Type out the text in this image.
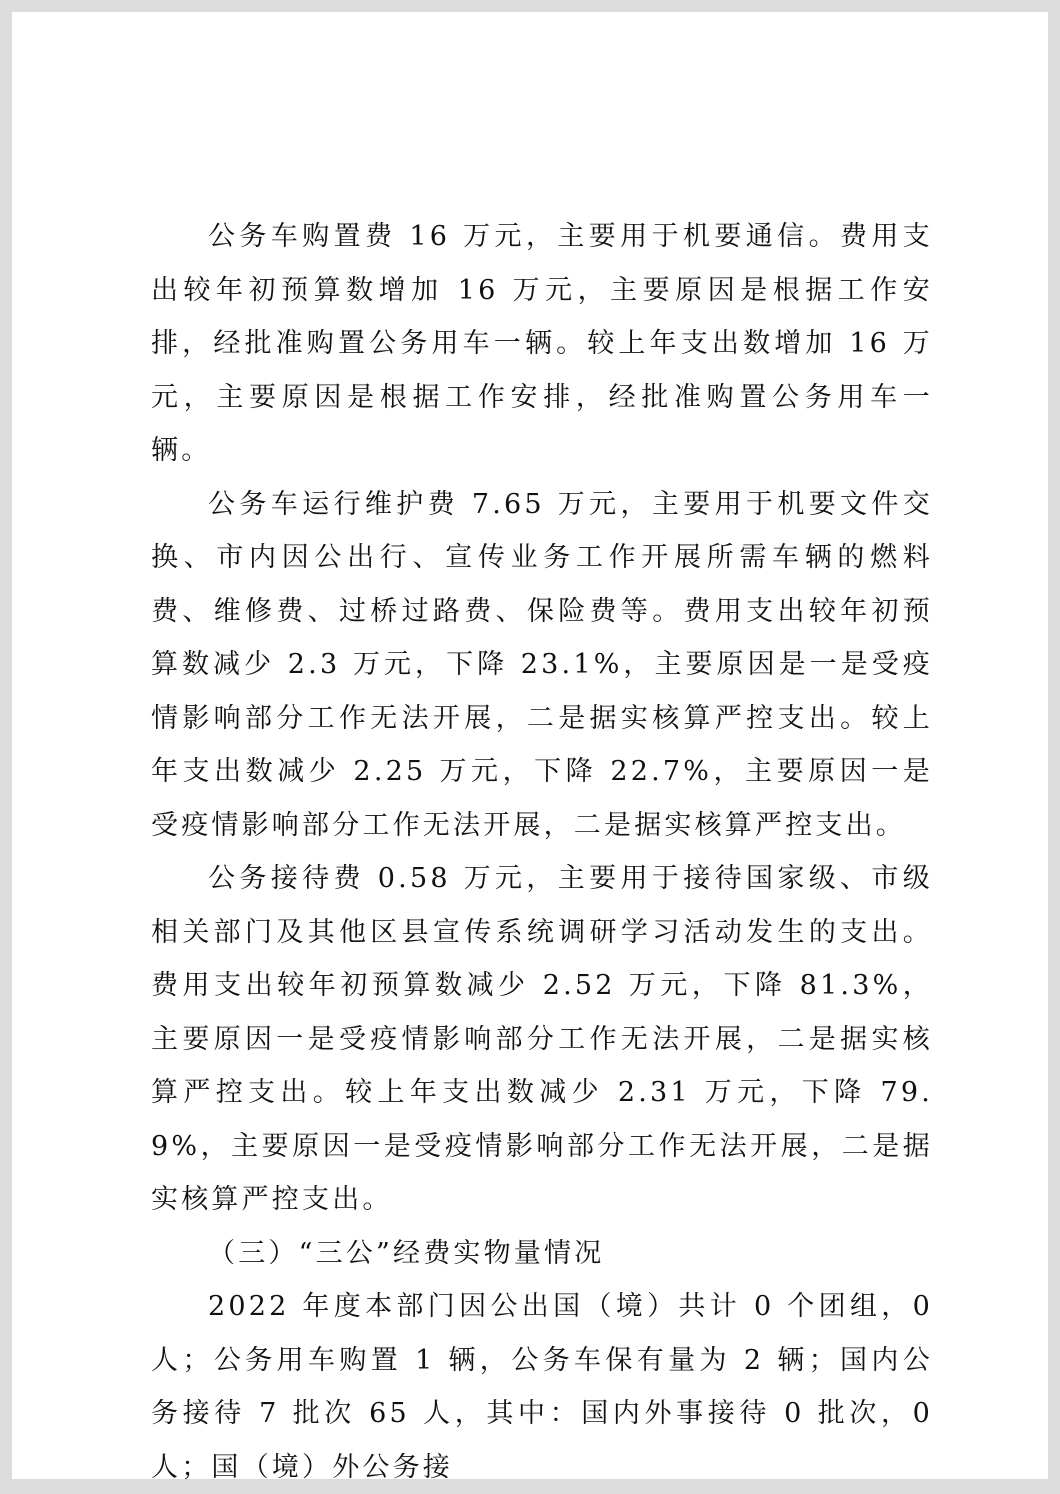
公务车购置费 16 万元，主要用于机要通信。费用支出较年初预算数增加 16 万元，主要原因是根据工作安排，经批准购置公务用车一辆。较上年支出数增加 16 万元，主要原因是根据工作安排，经批准购置公务用车一辆。

公务车运行维护费 7.65 万元，主要用于机要文件交换、市内因公出行、宣传业务工作开展所需车辆的燃料费、维修费、过桥过路费、保险费等。费用支出较年初预算数减少 2.3 万元，下降 23.1%，主要原因是一是受疫情影响部分工作无法开展，二是据实核算严控支出。较上年支出数减少 2.25 万元，下降 22.7%，主要原因一是受疫情影响部分工作无法开展，二是据实核算严控支出。

公务接待费 0.58 万元，主要用于接待国家级、市级相关部门及其他区县宣传系统调研学习活动发生的支出。费用支出较年初预算数减少 2.52 万元，下降 81.3%，主要原因一是受疫情影响部分工作无法开展，二是据实核算严控支出。较上年支出数减少 2.31 万元，下降 79.9%，主要原因一是受疫情影响部分工作无法开展，二是据实核算严控支出。

（三）“三公”经费实物量情况

2022 年度本部门因公出国（境）共计 0 个团组，0 人；公务用车购置 1 辆，公务车保有量为 2 辆；国内公务接待 7 批次 65 人，其中：国内外事接待 0 批次，0 人；国（境）外公务接
